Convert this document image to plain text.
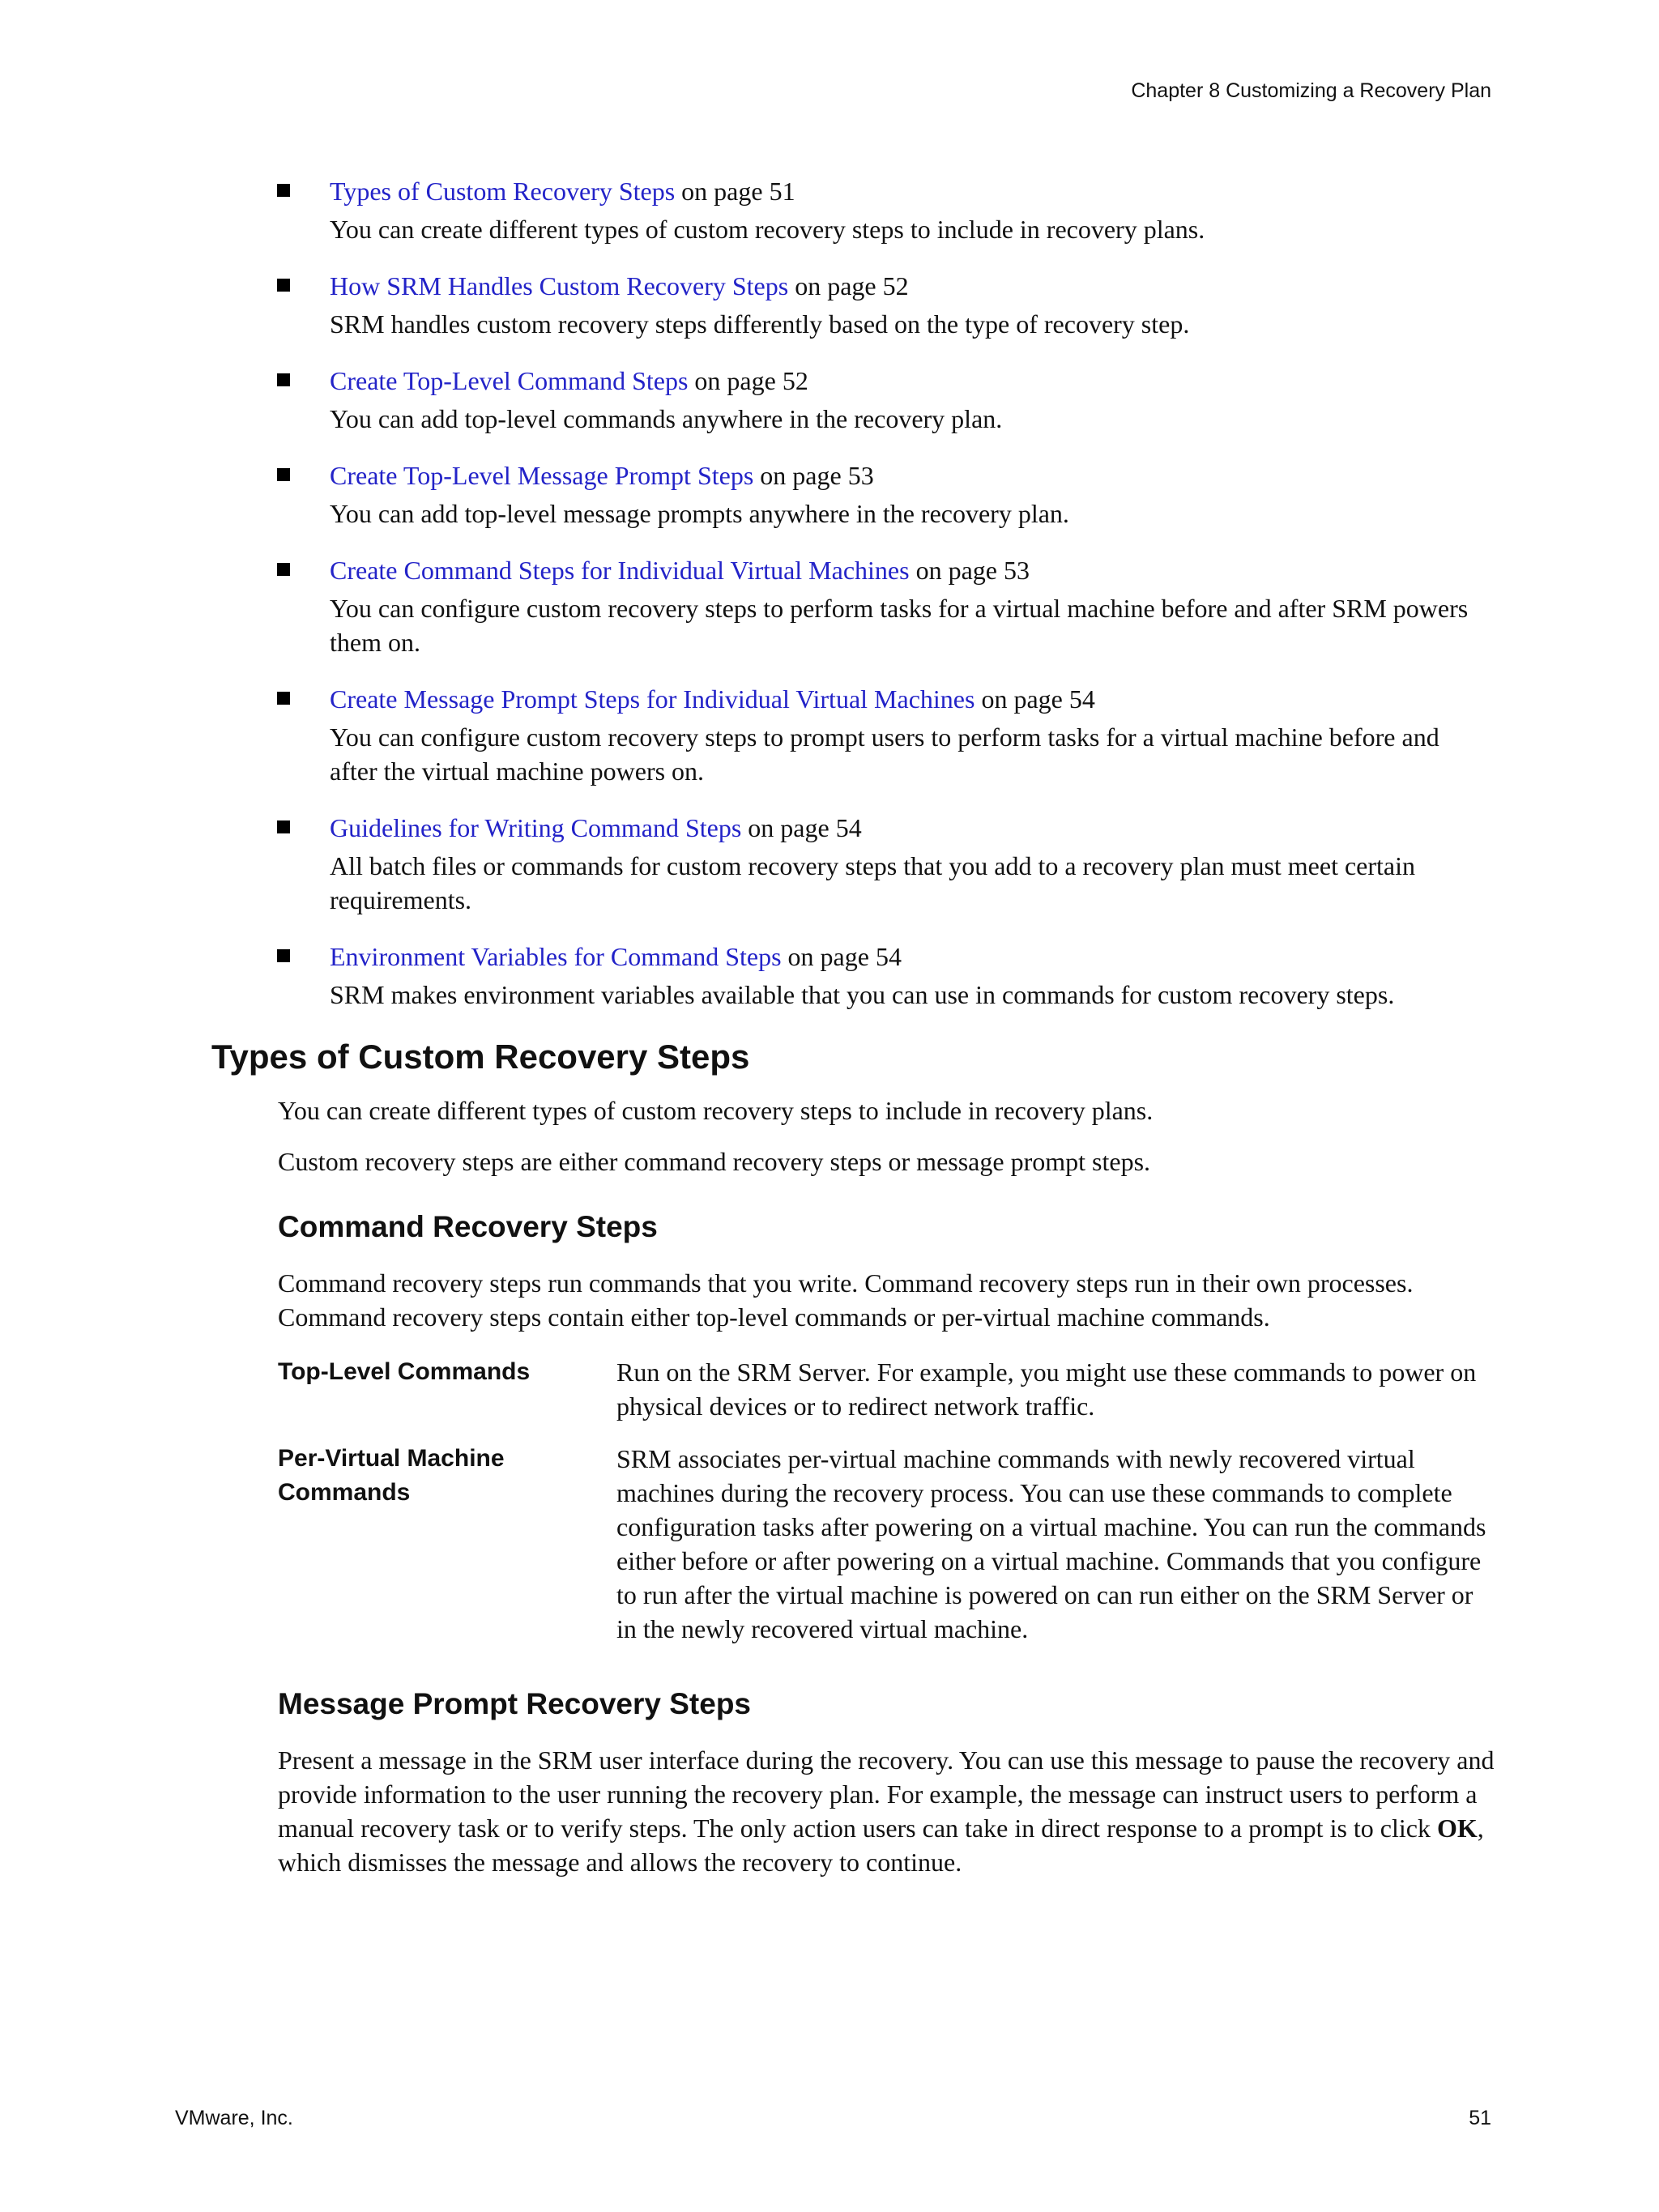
Chapter 8 Customizing a Recovery Plan
Types of Custom Recovery Steps on page 51
You can create different types of custom recovery steps to include in recovery plans.
How SRM Handles Custom Recovery Steps on page 52
SRM handles custom recovery steps differently based on the type of recovery step.
Create Top-Level Command Steps on page 52
You can add top-level commands anywhere in the recovery plan.
Create Top-Level Message Prompt Steps on page 53
You can add top-level message prompts anywhere in the recovery plan.
Create Command Steps for Individual Virtual Machines on page 53
You can configure custom recovery steps to perform tasks for a virtual machine before and after SRM powers them on.
Create Message Prompt Steps for Individual Virtual Machines on page 54
You can configure custom recovery steps to prompt users to perform tasks for a virtual machine before and after the virtual machine powers on.
Guidelines for Writing Command Steps on page 54
All batch files or commands for custom recovery steps that you add to a recovery plan must meet certain requirements.
Environment Variables for Command Steps on page 54
SRM makes environment variables available that you can use in commands for custom recovery steps.
Types of Custom Recovery Steps

You can create different types of custom recovery steps to include in recovery plans.

Custom recovery steps are either command recovery steps or message prompt steps.

Command Recovery Steps

Command recovery steps run commands that you write. Command recovery steps run in their own processes. Command recovery steps contain either top-level commands or per-virtual machine commands.

Top-Level Commands	Run on the SRM Server. For example, you might use these commands to power on physical devices or to redirect network traffic.
Per-Virtual Machine Commands
SRM associates per-virtual machine commands with newly recovered virtual machines during the recovery process. You can use these commands to complete configuration tasks after powering on a virtual machine. You can run the commands either before or after powering on a virtual machine. Commands that you configure to run after the virtual machine is powered on can run either on the SRM Server or in the newly recovered virtual machine.
Message Prompt Recovery Steps

Present a message in the SRM user interface during the recovery. You can use this message to pause the recovery and provide information to the user running the recovery plan. For example, the message can instruct users to perform a manual recovery task or to verify steps. The only action users can take in direct response to a prompt is to click OK, which dismisses the message and allows the recovery to continue.

VMware, Inc.	51
